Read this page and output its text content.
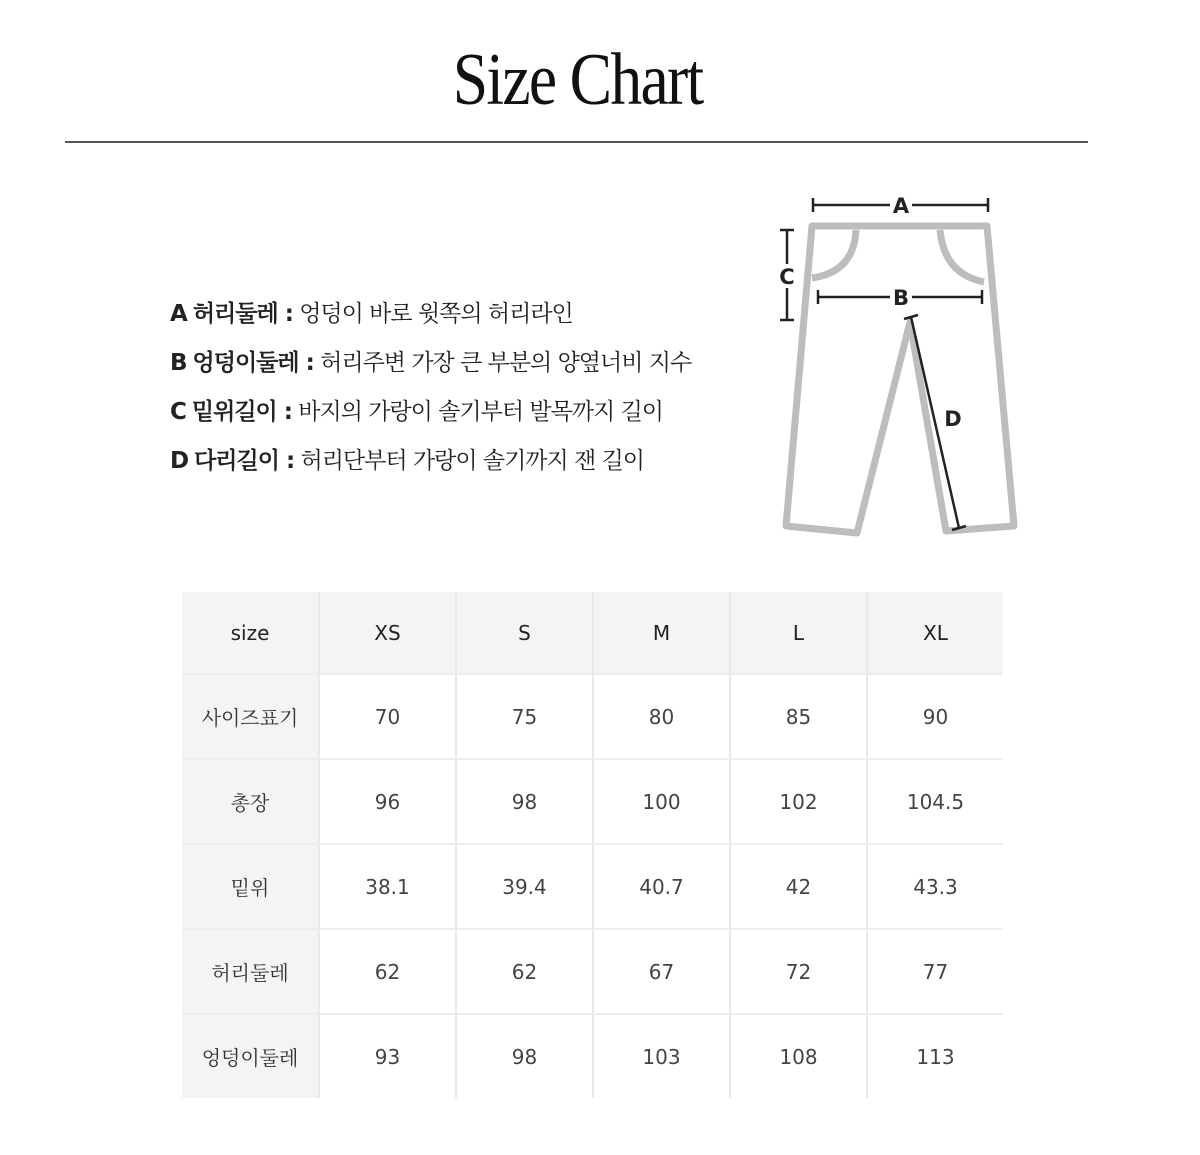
Size Chart
A 허리둘레 : 엉덩이 바로 윗쪽의 허리라인
B 엉덩이둘레 : 허리주변 가장 큰 부분의 양옆너비 지수
C 밑위길이 : 바지의 가랑이 솔기부터 발목까지 길이
D 다리길이 : 허리단부터 가랑이 솔기까지 잰 길이
A
B
C
D
size	XS	S	M	L	XL
사이즈표기	70	75	80	85	90
총장	96	98	100	102	104.5
밑위	38.1	39.4	40.7	42	43.3
허리둘레	62	62	67	72	77
엉덩이둘레	93	98	103	108	113
